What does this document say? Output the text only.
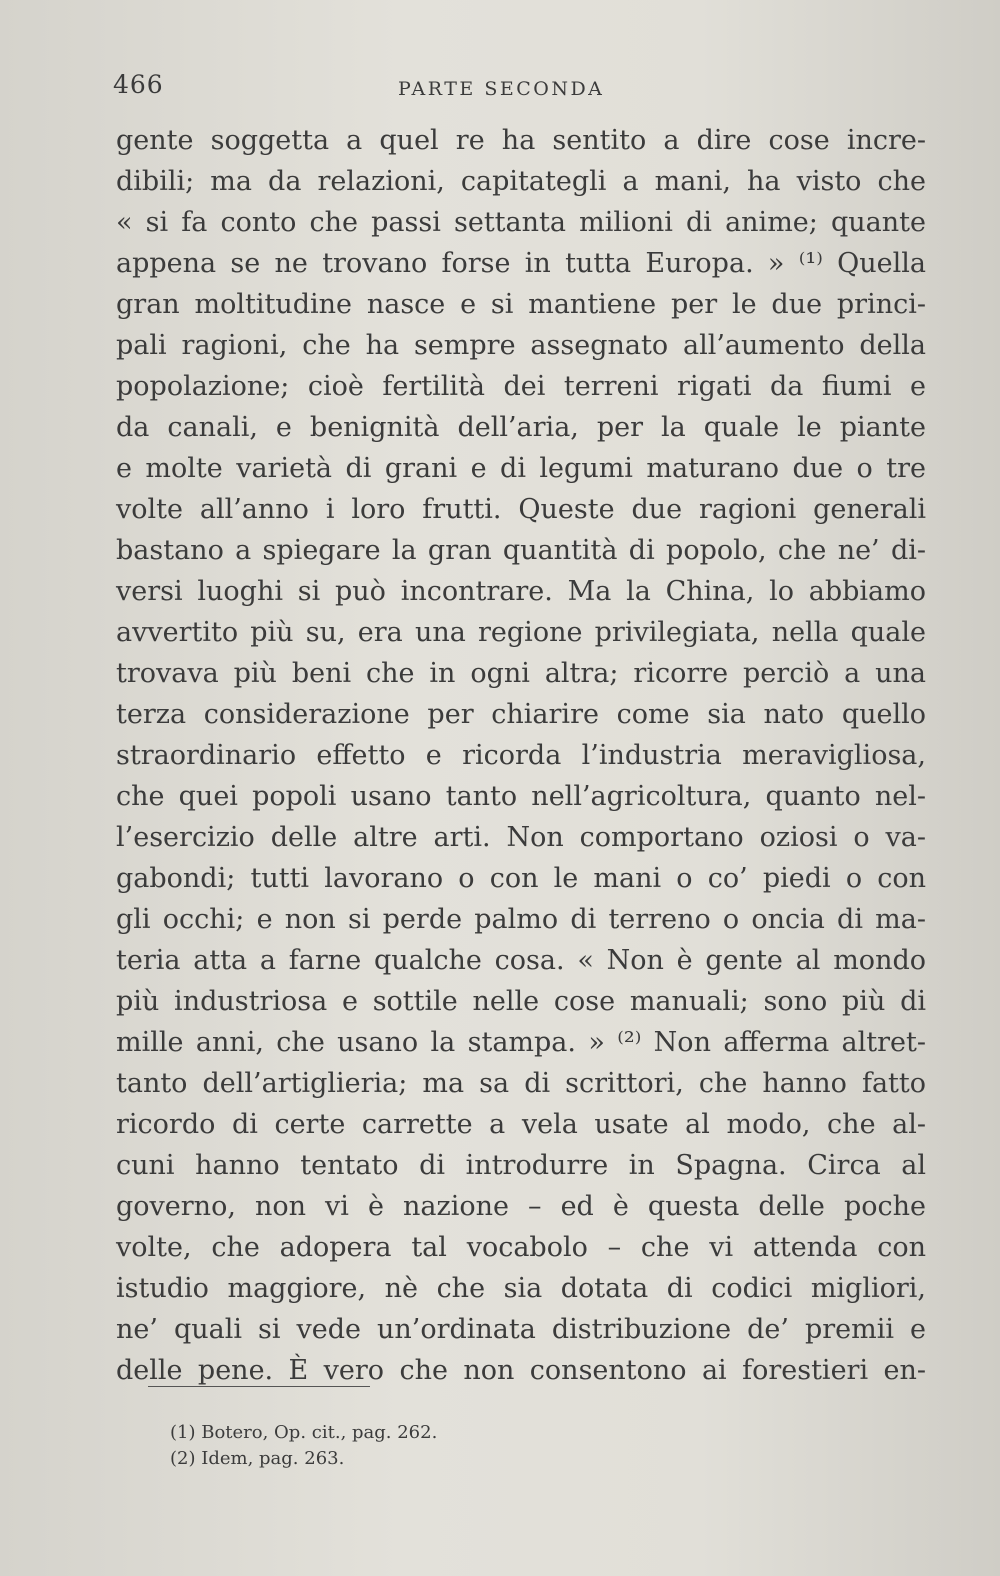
466	PARTE SECONDA
gente soggetta a quel re ha sentito a dire cose incre-
dibili; ma da relazioni, capitategli a mani, ha visto che
« si fa conto che passi settanta milioni di anime; quante
appena se ne trovano forse in tutta Europa. » ⁽¹⁾ Quella
gran moltitudine nasce e si mantiene per le due princi-
pali ragioni, che ha sempre assegnato all’aumento della
popolazione; cioè fertilità dei terreni rigati da fiumi e
da canali, e benignità dell’aria, per la quale le piante
e molte varietà di grani e di legumi maturano due o tre
volte all’anno i loro frutti. Queste due ragioni generali
bastano a spiegare la gran quantità di popolo, che ne’ di-
versi luoghi si può incontrare. Ma la China, lo abbiamo
avvertito più su, era una regione privilegiata, nella quale
trovava più beni che in ogni altra; ricorre perciò a una
terza considerazione per chiarire come sia nato quello
straordinario effetto e ricorda l’industria meravigliosa,
che quei popoli usano tanto nell’agricoltura, quanto nel-
l’esercizio delle altre arti. Non comportano oziosi o va-
gabondi; tutti lavorano o con le mani o co’ piedi o con
gli occhi; e non si perde palmo di terreno o oncia di ma-
teria atta a farne qualche cosa. « Non è gente al mondo
più industriosa e sottile nelle cose manuali; sono più di
mille anni, che usano la stampa. » ⁽²⁾ Non afferma altret-
tanto dell’artiglieria; ma sa di scrittori, che hanno fatto
ricordo di certe carrette a vela usate al modo, che al-
cuni hanno tentato di introdurre in Spagna. Circa al
governo, non vi è nazione – ed è questa delle poche
volte, che adopera tal vocabolo – che vi attenda con
istudio maggiore, nè che sia dotata di codici migliori,
ne’ quali si vede un’ordinata distribuzione de’ premii e
delle pene. È vero che non consentono ai forestieri en-
(1) Botero, Op. cit., pag. 262.
(2) Idem, pag. 263.
